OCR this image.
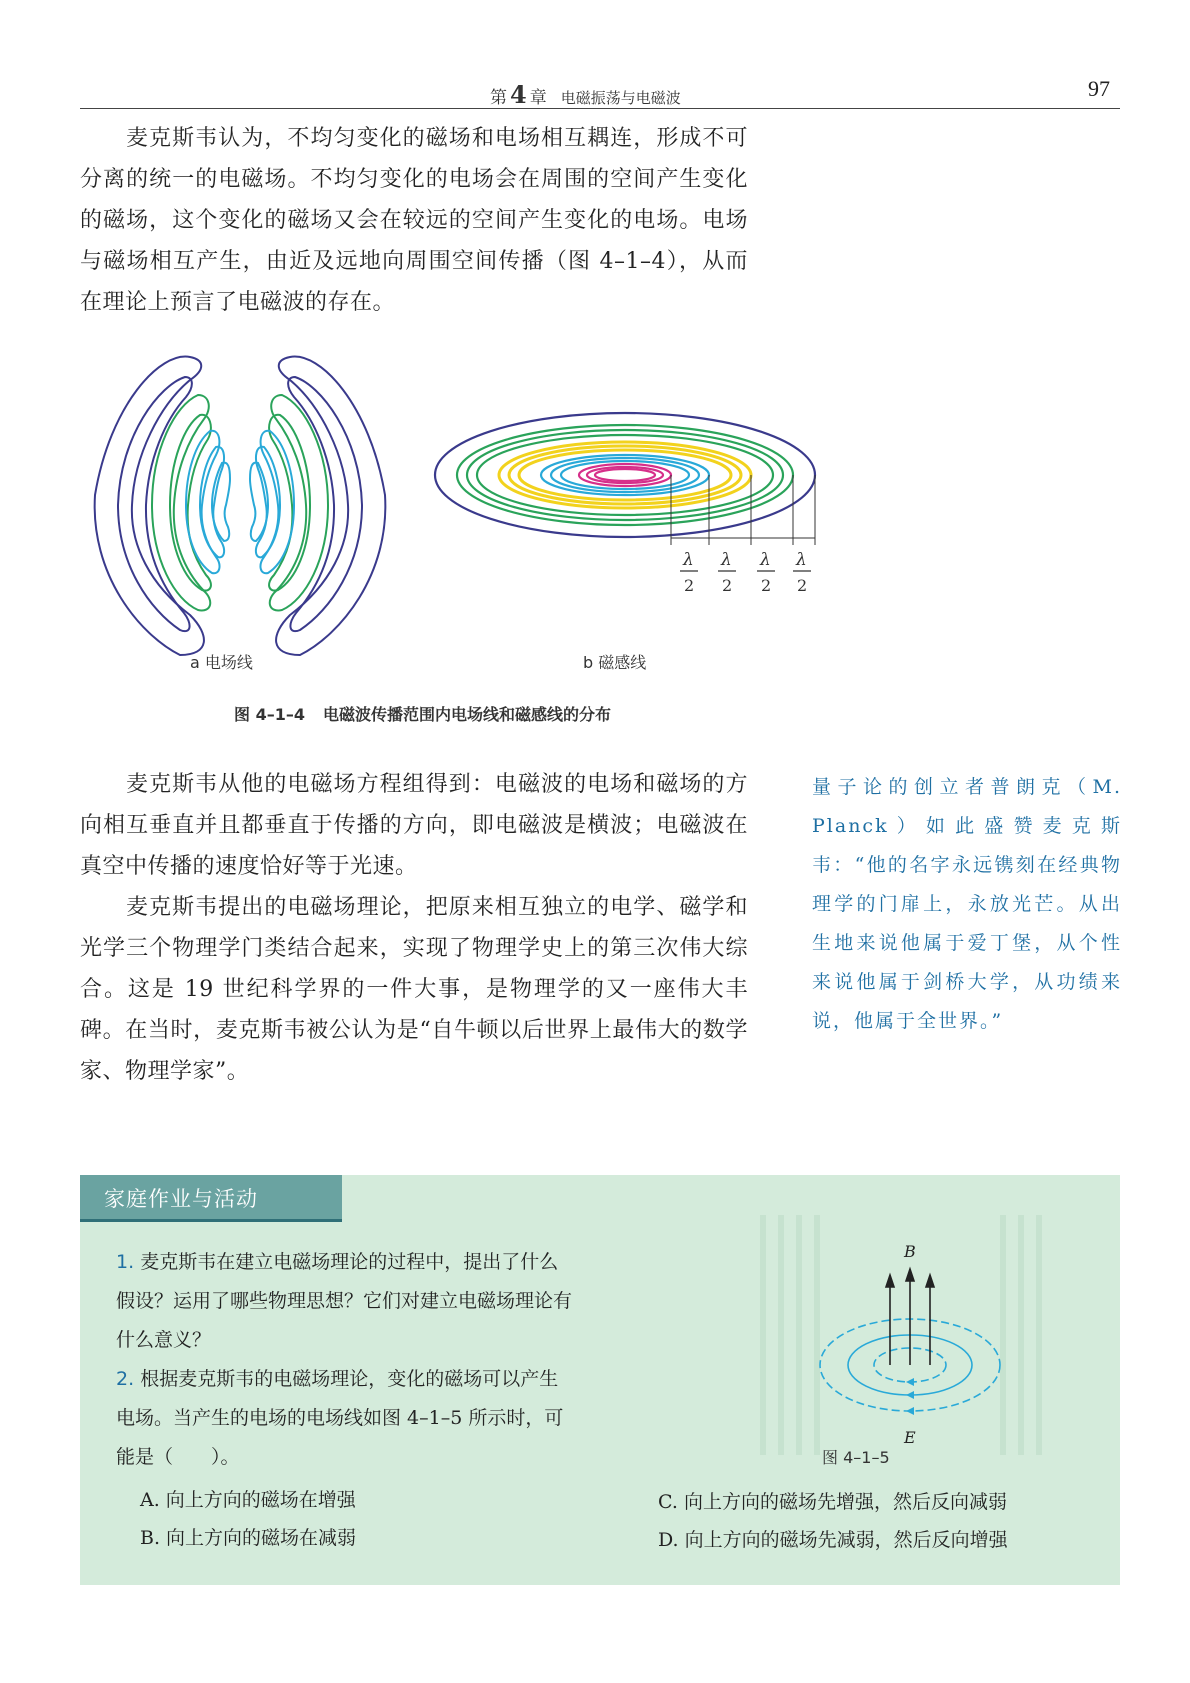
第 4 章 电磁振荡与电磁波	97

麦克斯韦认为，不均匀变化的磁场和电场相互耦连，形成不可分离的统一的电磁场。不均匀变化的电场会在周围的空间产生变化的磁场，这个变化的磁场又会在较远的空间产生变化的电场。电场与磁场相互产生，由近及远地向周围空间传播（图 4–1–4），从而在理论上预言了电磁波的存在。

λ
2
λ
2
λ
2
λ
2
a 电场线	b 磁感线
图 4–1–4 电磁波传播范围内电场线和磁感线的分布

麦克斯韦从他的电磁场方程组得到：电磁波的电场和磁场的方向相互垂直并且都垂直于传播的方向，即电磁波是横波；电磁波在真空中传播的速度恰好等于光速。

麦克斯韦提出的电磁场理论，把原来相互独立的电学、磁学和光学三个物理学门类结合起来，实现了物理学史上的第三次伟大综合。这是 19 世纪科学界的一件大事，是物理学的又一座伟大丰碑。在当时，麦克斯韦被公认为是“自牛顿以后世界上最伟大的数学家、物理学家”。

量子论的创立者普朗克（M. Planck）如此盛赞麦克斯韦：“他的名字永远镌刻在经典物理学的门扉上，永放光芒。从出生地来说他属于爱丁堡，从个性来说他属于剑桥大学，从功绩来说，他属于全世界。”
家庭作业与活动
1. 麦克斯韦在建立电磁场理论的过程中，提出了什么假设？运用了哪些物理思想？它们对建立电磁场理论有什么意义？
2. 根据麦克斯韦的电磁场理论，变化的磁场可以产生电场。当产生的电场的电场线如图 4–1–5 所示时，可能是（　　）。
A. 向上方向的磁场在增强
B. 向上方向的磁场在减弱
C. 向上方向的磁场先增强，然后反向减弱
D. 向上方向的磁场先减弱，然后反向增强
B
E
图 4–1–5
